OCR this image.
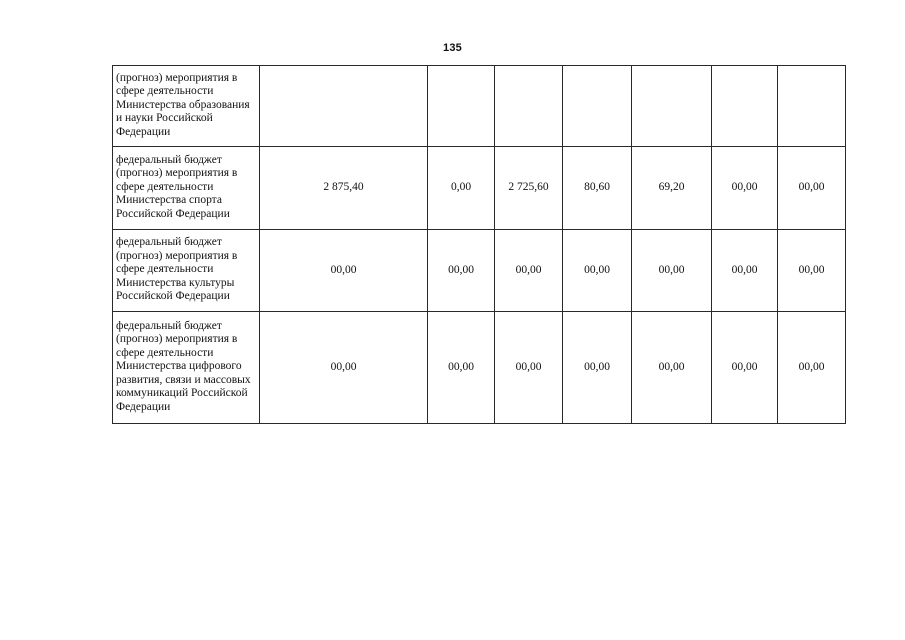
135
(прогноз) мероприятия в сфере деятельности Министерства образования и науки Российской Федерации							
федеральный бюджет (прогноз) мероприятия в сфере деятельности Министерства спорта Российской Федерации	2 875,40	0,00	2 725,60	80,60	69,20	00,00	00,00
федеральный бюджет (прогноз) мероприятия в сфере деятельности Министерства культуры Российской Федерации	00,00	00,00	00,00	00,00	00,00	00,00	00,00
федеральный бюджет (прогноз) мероприятия в сфере деятельности Министерства цифрового развития, связи и массовых коммуникаций Российской Федерации	00,00	00,00	00,00	00,00	00,00	00,00	00,00
